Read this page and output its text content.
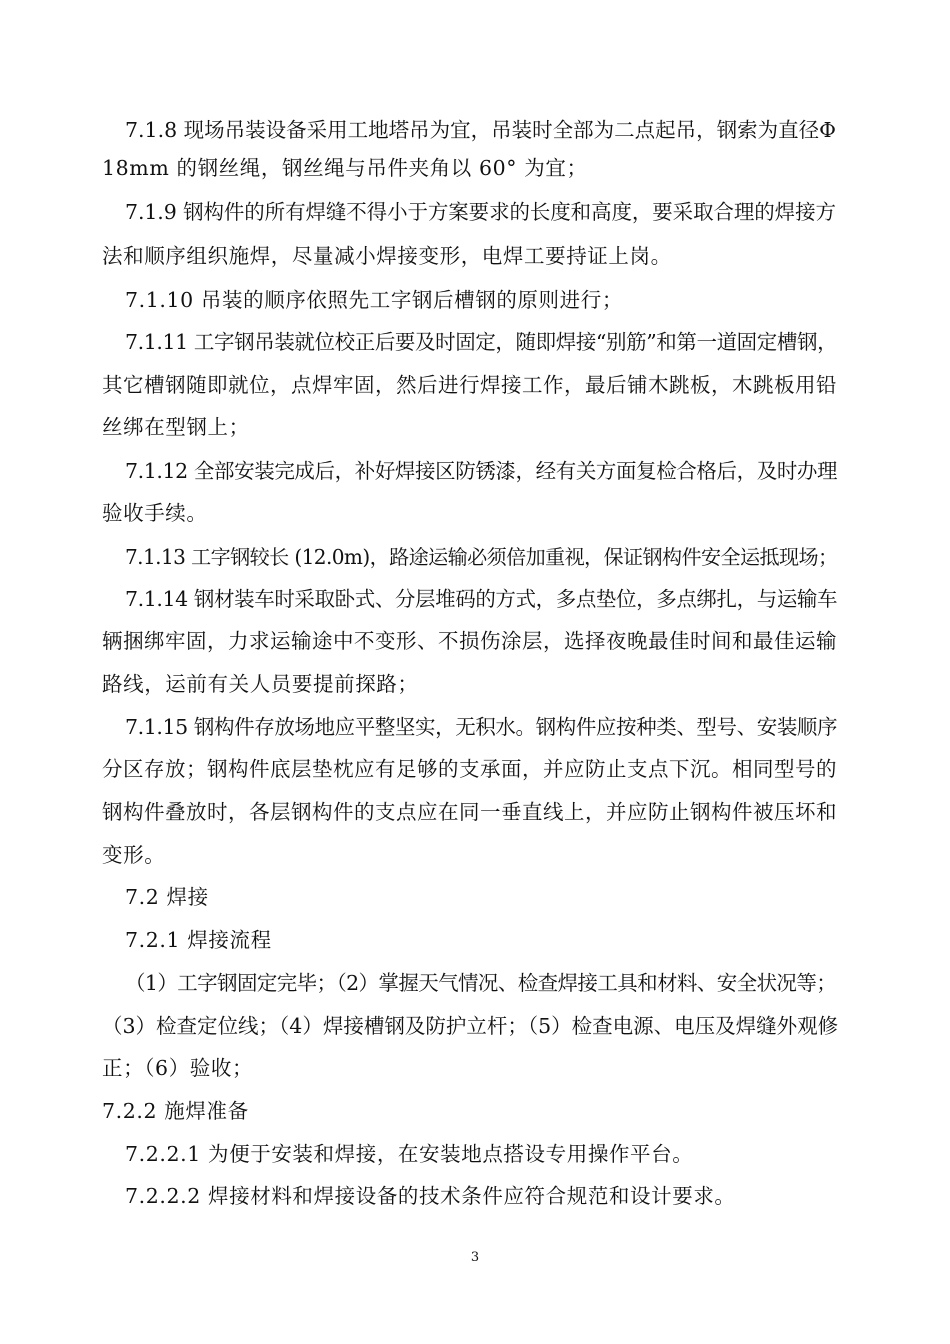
7.1.8 现场吊装设备采用工地塔吊为宜，吊装时全部为二点起吊，钢索为直径Φ
18mm 的钢丝绳，钢丝绳与吊件夹角以 60° 为宜；
7.1.9 钢构件的所有焊缝不得小于方案要求的长度和高度，要采取合理的焊接方
法和顺序组织施焊，尽量减小焊接变形，电焊工要持证上岗。
7.1.10 吊装的顺序依照先工字钢后槽钢的原则进行；
7.1.11 工字钢吊装就位校正后要及时固定，随即焊接“别筋”和第一道固定槽钢，
其它槽钢随即就位，点焊牢固，然后进行焊接工作，最后铺木跳板，木跳板用铅
丝绑在型钢上；
7.1.12 全部安装完成后，补好焊接区防锈漆，经有关方面复检合格后，及时办理
验收手续。
7.1.13 工字钢较长 (12.0m)，路途运输必须倍加重视，保证钢构件安全运抵现场；
7.1.14 钢材装车时采取卧式、分层堆码的方式，多点垫位，多点绑扎，与运输车
辆捆绑牢固，力求运输途中不变形、不损伤涂层，选择夜晚最佳时间和最佳运输
路线，运前有关人员要提前探路；
7.1.15 钢构件存放场地应平整坚实，无积水。钢构件应按种类、型号、安装顺序
分区存放；钢构件底层垫枕应有足够的支承面，并应防止支点下沉。相同型号的
钢构件叠放时，各层钢构件的支点应在同一垂直线上，并应防止钢构件被压坏和
变形。
7.2 焊接
7.2.1 焊接流程
（1）工字钢固定完毕；（2）掌握天气情况、检查焊接工具和材料、安全状况等；
（3）检查定位线；（4）焊接槽钢及防护立杆；（5）检查电源、电压及焊缝外观修
正；（6）验收；
7.2.2 施焊准备
7.2.2.1 为便于安装和焊接，在安装地点搭设专用操作平台。
7.2.2.2 焊接材料和焊接设备的技术条件应符合规范和设计要求。
3
